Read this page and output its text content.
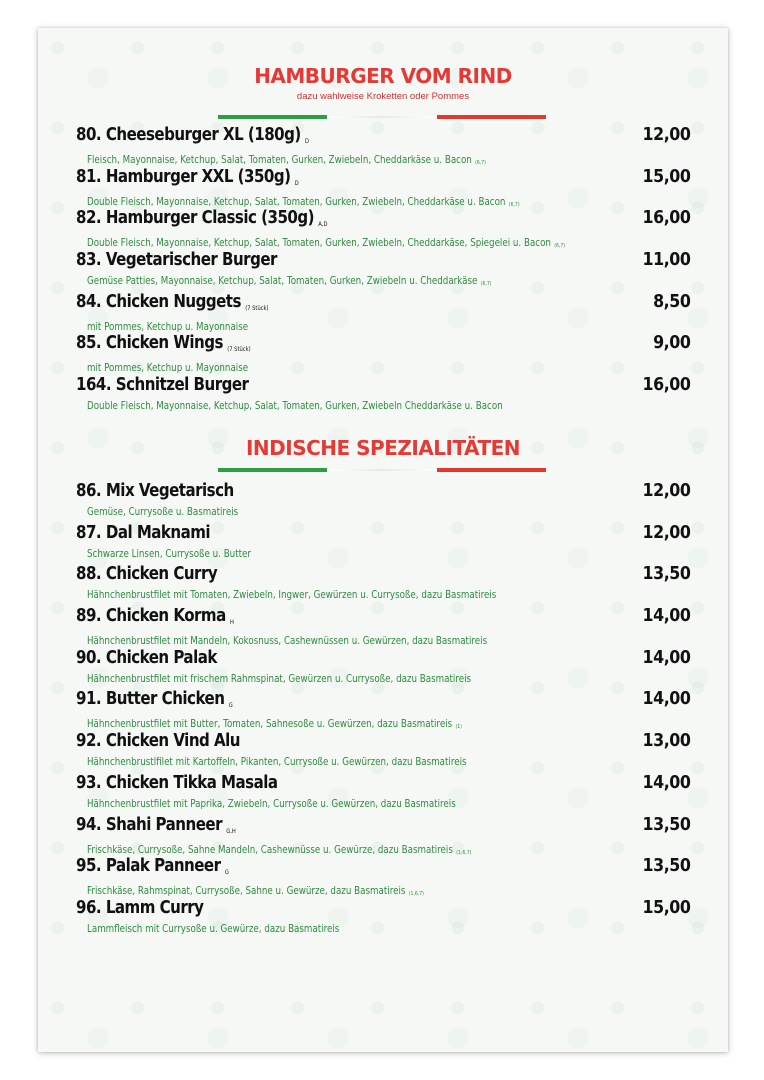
HAMBURGER VOM RIND
dazu wahlweise Kroketten oder Pommes
80. Cheeseburger XL (180g) $_D$	12,00
Fleisch, Mayonnaise, Ketchup, Salat, Tomaten, Gurken, Zwiebeln, Cheddarkäse u. Bacon $_{(6,7)}$
81. Hamburger XXL (350g) $_D$	15,00
Double Fleisch, Mayonnaise, Ketchup, Salat, Tomaten, Gurken, Zwiebeln, Cheddarkäse u. Bacon $_{(6,7)}$
82. Hamburger Classic (350g) $_{A,D}$	16,00
Double Fleisch, Mayonnaise, Ketchup, Salat, Tomaten, Gurken, Zwiebeln, Cheddarkäse, Spiegelei u. Bacon $_{(6,7)}$
83. Vegetarischer Burger	11,00
Gemüse Patties, Mayonnaise, Ketchup, Salat, Tomaten, Gurken, Zwiebeln u. Cheddarkäse $_{(6,7)}$
84. Chicken Nuggets $_{(7 Stück)}$	8,50
mit Pommes, Ketchup u. Mayonnaise
85. Chicken Wings $_{(7 Stück)}$	9,00
mit Pommes, Ketchup u. Mayonnaise
164. Schnitzel Burger	16,00
Double Fleisch, Mayonnaise, Ketchup, Salat, Tomaten, Gurken, Zwiebeln Cheddarkäse u. Bacon
INDISCHE SPEZIALITÄTEN
86. Mix Vegetarisch	12,00
Gemüse, Currysoße u. Basmatireis
87. Dal Maknami	12,00
Schwarze Linsen, Currysoße u. Butter
88. Chicken Curry	13,50
Hähnchenbrustfilet mit Tomaten, Zwiebeln, Ingwer, Gewürzen u. Currysoße, dazu Basmatireis
89. Chicken Korma $_H$	14,00
Hähnchenbrustfilet mit Mandeln, Kokosnuss, Cashewnüssen u. Gewürzen, dazu Basmatireis
90. Chicken Palak	14,00
Hähnchenbrustfilet mit frischem Rahmspinat, Gewürzen u. Currysoße, dazu Basmatireis
91. Butter Chicken $_G$	14,00
Hähnchenbrustfilet mit Butter, Tomaten, Sahnesoße u. Gewürzen, dazu Basmatireis $_{(1)}$
92. Chicken Vind Alu	13,00
Hähnchenbrustlfilet mit Kartoffeln, Pikanten, Currysoße u. Gewürzen, dazu Basmatireis
93. Chicken Tikka Masala	14,00
Hähnchenbrustfilet mit Paprika, Zwiebeln, Currysoße u. Gewürzen, dazu Basmatireis
94. Shahi Panneer $_{G,H}$	13,50
Frischkäse, Currysoße, Sahne Mandeln, Cashewnüsse u. Gewürze, dazu Basmatireis $_{(1,6,7)}$
95. Palak Panneer $_G$	13,50
Frischkäse, Rahmspinat, Currysoße, Sahne u. Gewürze, dazu Basmatireis $_{(1,6,7)}$
96. Lamm Curry	15,00
Lammfleisch mit Currysoße u. Gewürze, dazu Basmatireis
